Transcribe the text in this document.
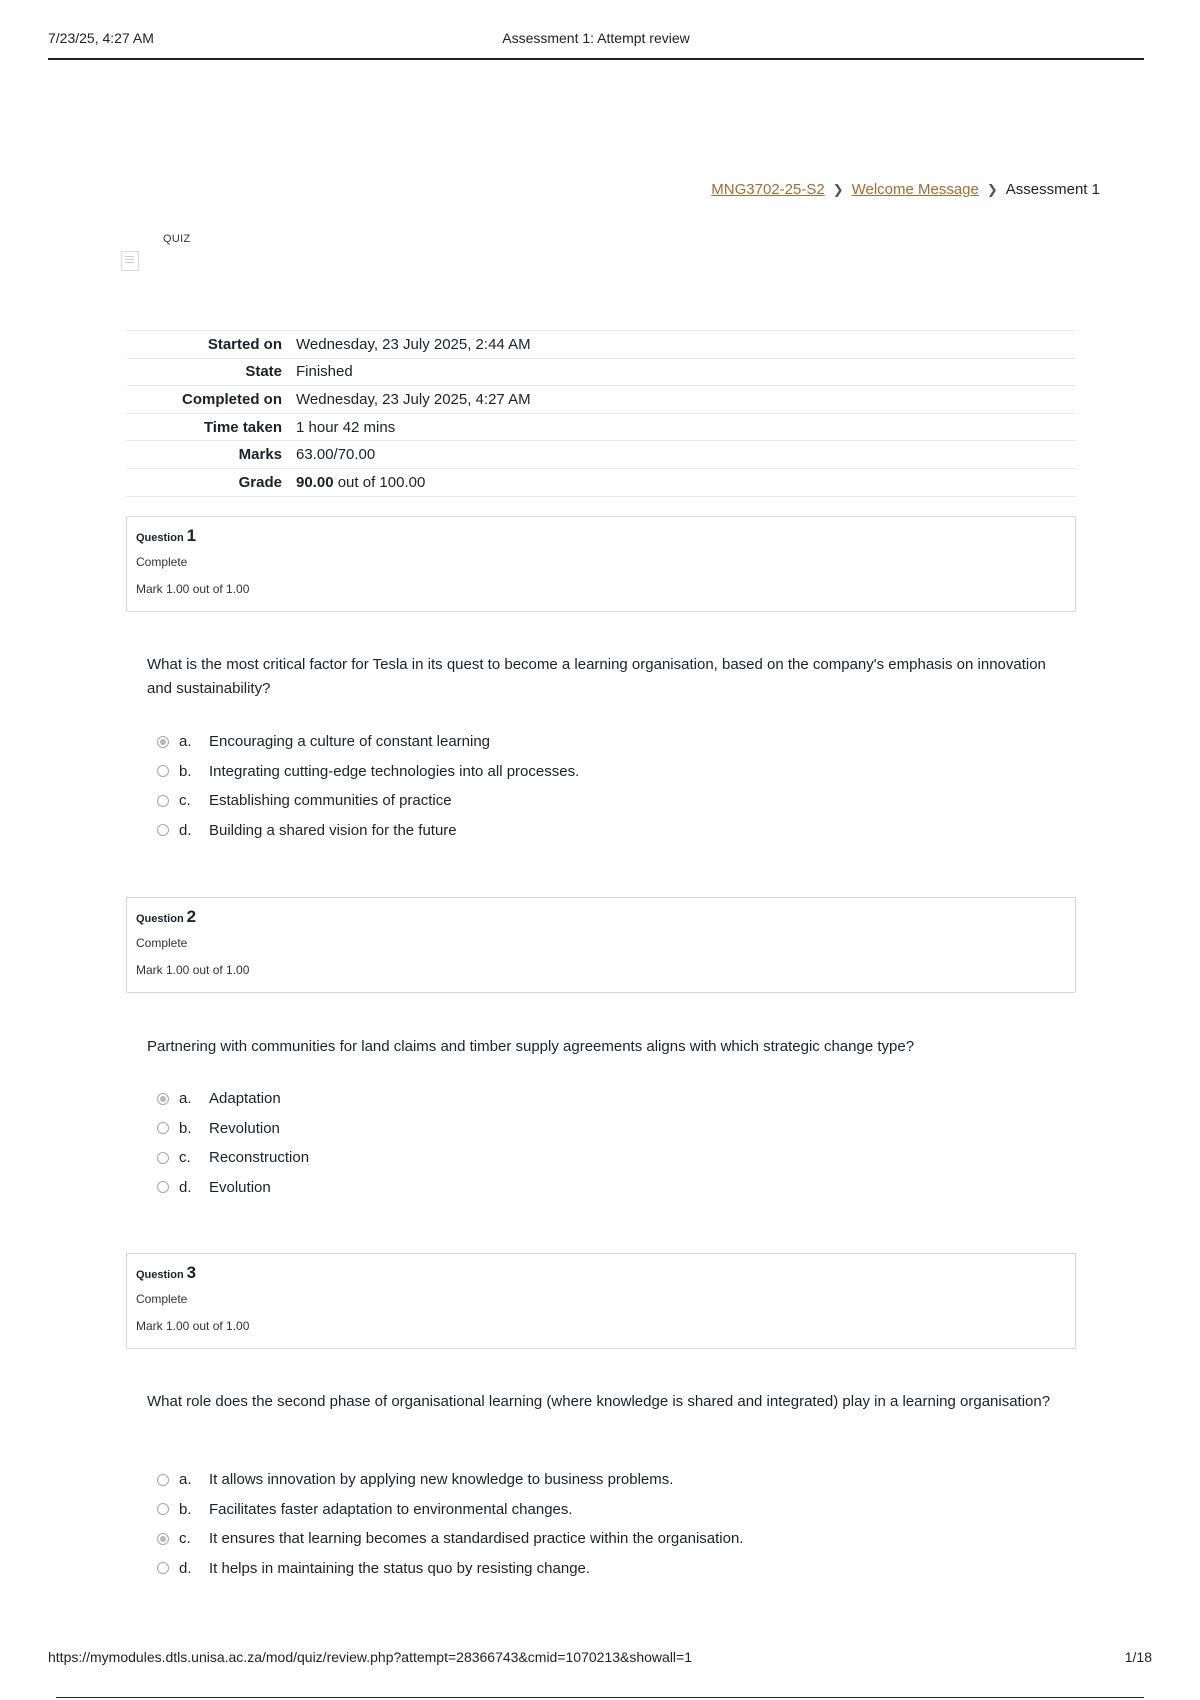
7/23/25, 4:27 AM	Assessment 1: Attempt review
MNG3702-25-S2 ❯ Welcome Message ❯ Assessment 1
QUIZ
Started on	Wednesday, 23 July 2025, 2:44 AM
State	Finished
Completed on	Wednesday, 23 July 2025, 4:27 AM
Time taken	1 hour 42 mins
Marks	63.00/70.00
Grade	90.00 out of 100.00
Question 1
Complete
Mark 1.00 out of 1.00
What is the most critical factor for Tesla in its quest to become a learning organisation, based on the company's emphasis on innovation and sustainability?
a.	Encouraging a culture of constant learning
b.	Integrating cutting-edge technologies into all processes.
c.	Establishing communities of practice
d.	Building a shared vision for the future
Question 2
Complete
Mark 1.00 out of 1.00
Partnering with communities for land claims and timber supply agreements aligns with which strategic change type?
a.	Adaptation
b.	Revolution
c.	Reconstruction
d.	Evolution
Question 3
Complete
Mark 1.00 out of 1.00
What role does the second phase of organisational learning (where knowledge is shared and integrated) play in a learning organisation?
a.	It allows innovation by applying new knowledge to business problems.
b.	Facilitates faster adaptation to environmental changes.
c.	It ensures that learning becomes a standardised practice within the organisation.
d.	It helps in maintaining the status quo by resisting change.
https://mymodules.dtls.unisa.ac.za/mod/quiz/review.php?attempt=28366743&cmid=1070213&showall=1	1/18
